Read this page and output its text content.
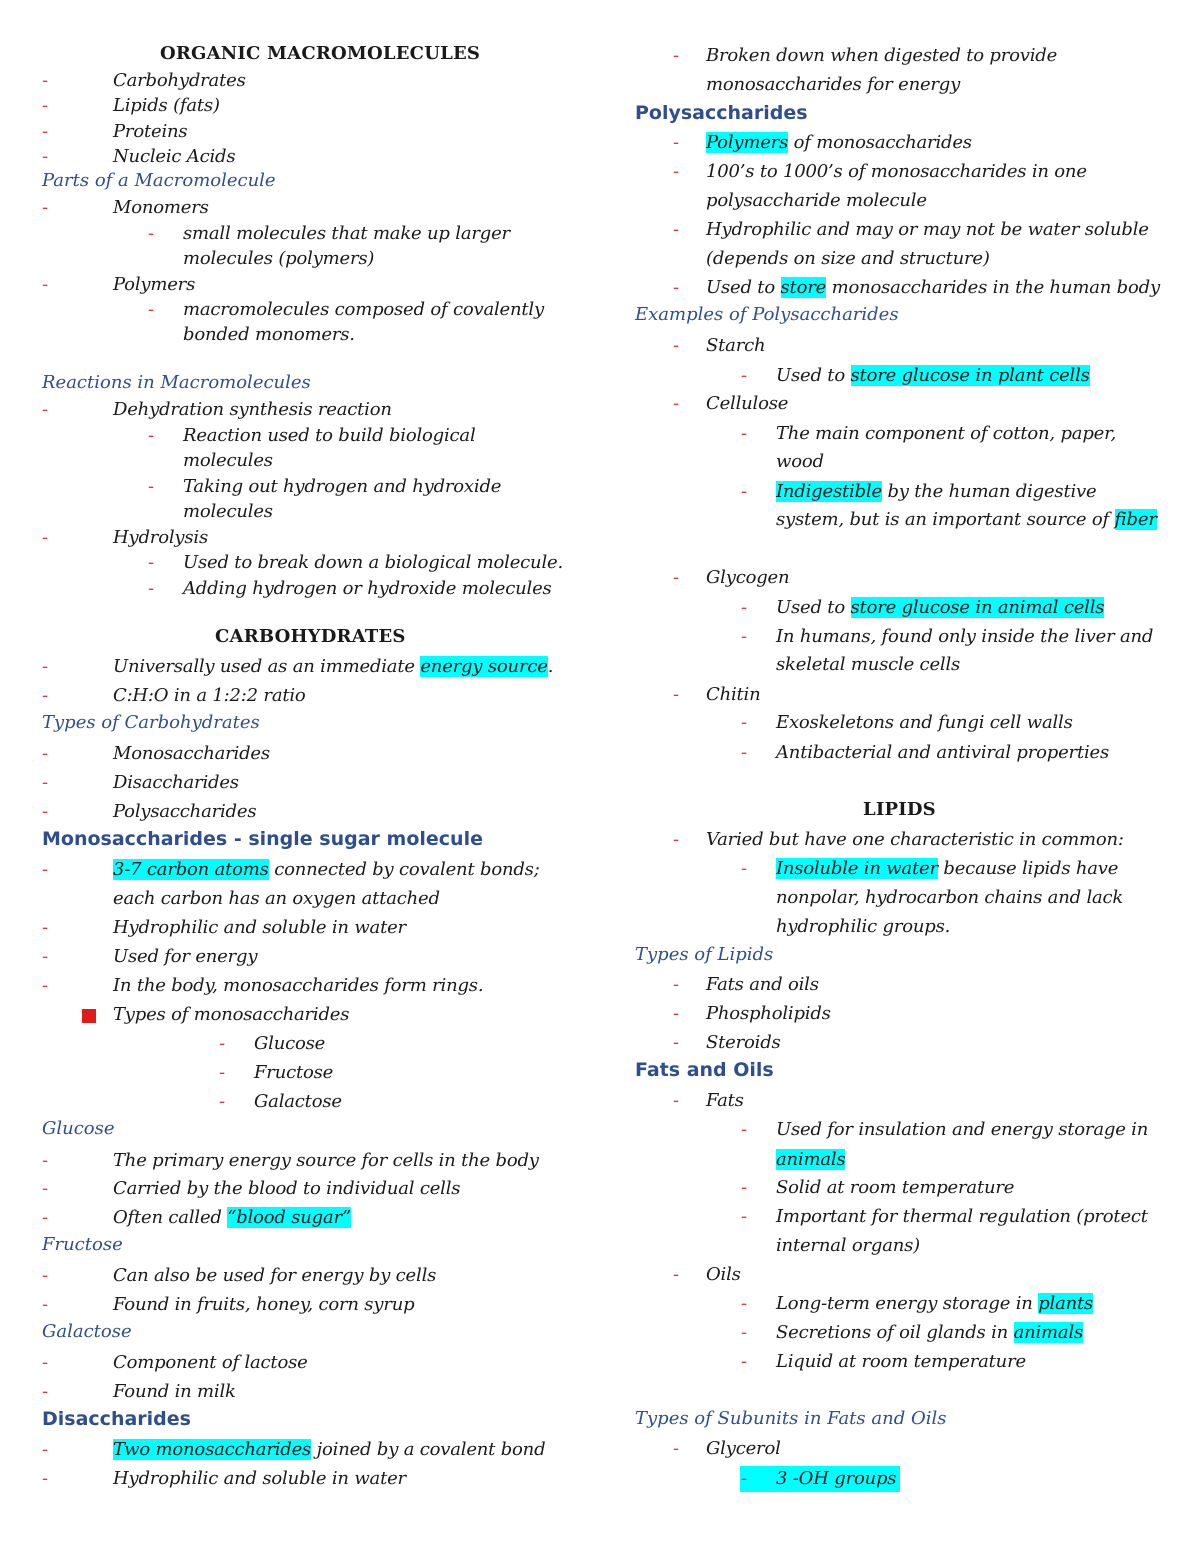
ORGANIC MACROMOLECULES
-	Carbohydrates
-	Lipids (fats)
-	Proteins
-	Nucleic Acids
Parts of a Macromolecule
-	Monomers
- small molecules that make up larger
molecules (polymers)
-	Polymers
- macromolecules composed of covalently
bonded monomers.
Reactions in Macromolecules
-	Dehydration synthesis reaction
- Reaction used to build biological
molecules
- Taking out hydrogen and hydroxide
molecules
-	Hydrolysis
- Used to break down a biological molecule.
- Adding hydrogen or hydroxide molecules
CARBOHYDRATES
-	Universally used as an immediate energy source.
-	C:H:O in a 1:2:2 ratio
Types of Carbohydrates
-	Monosaccharides
-	Disaccharides
-	Polysaccharides
Monosaccharides - single sugar molecule
-	3-7 carbon atoms connected by covalent bonds;
each carbon has an oxygen attached
-	Hydrophilic and soluble in water
-	Used for energy
-	In the body, monosaccharides form rings.
Types of monosaccharides
- Glucose
- Fructose
- Galactose
Glucose
-	The primary energy source for cells in the body
-	Carried by the blood to individual cells
-	Often called “blood sugar”
Fructose
-	Can also be used for energy by cells
-	Found in fruits, honey, corn syrup
Galactose
-	Component of lactose
-	Found in milk
Disaccharides
-	Two monosaccharides joined by a covalent bond
-	Hydrophilic and soluble in water
- Broken down when digested to provide
monosaccharides for energy
Polysaccharides
- Polymers of monosaccharides
- 100’s to 1000’s of monosaccharides in one
polysaccharide molecule
- Hydrophilic and may or may not be water soluble
(depends on size and structure)
- Used to store monosaccharides in the human body
Examples of Polysaccharides
- Starch
- Used to store glucose in plant cells
- Cellulose
- The main component of cotton, paper,
wood
- Indigestible by the human digestive
system, but is an important source of fiber
- Glycogen
- Used to store glucose in animal cells
- In humans, found only inside the liver and
skeletal muscle cells
- Chitin
- Exoskeletons and fungi cell walls
- Antibacterial and antiviral properties
LIPIDS
- Varied but have one characteristic in common:
- Insoluble in water because lipids have
nonpolar, hydrocarbon chains and lack
hydrophilic groups.
Types of Lipids
- Fats and oils
- Phospholipids
- Steroids
Fats and Oils
- Fats
- Used for insulation and energy storage in
animals
- Solid at room temperature
- Important for thermal regulation (protect
internal organs)
- Oils
- Long-term energy storage in plants
- Secretions of oil glands in animals
- Liquid at room temperature
Types of Subunits in Fats and Oils
- Glycerol
- 3 -OH groups
